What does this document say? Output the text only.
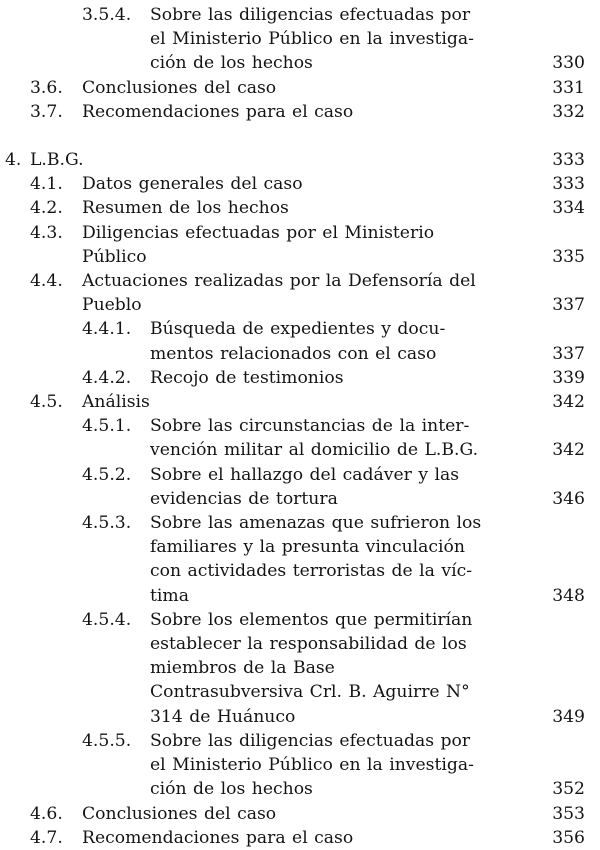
3.5.4. Sobre las diligencias efectuadas por
el Ministerio Público en la investiga-
ción de los hechos	330
3.6. Conclusiones del caso	331
3.7. Recomendaciones para el caso	332
4. L.B.G.	333
4.1. Datos generales del caso	333
4.2. Resumen de los hechos	334
4.3. Diligencias efectuadas por el Ministerio
Público	335
4.4. Actuaciones realizadas por la Defensoría del
Pueblo	337
4.4.1. Búsqueda de expedientes y docu-
mentos relacionados con el caso	337
4.4.2. Recojo de testimonios	339
4.5. Análisis	342
4.5.1. Sobre las circunstancias de la inter-
vención militar al domicilio de L.B.G.	342
4.5.2. Sobre el hallazgo del cadáver y las
evidencias de tortura	346
4.5.3. Sobre las amenazas que sufrieron los
familiares y la presunta vinculación
con actividades terroristas de la víc-
tima	348
4.5.4. Sobre los elementos que permitirían
establecer la responsabilidad de los
miembros de la Base
Contrasubversiva Crl. B. Aguirre N°
314 de Huánuco	349
4.5.5. Sobre las diligencias efectuadas por
el Ministerio Público en la investiga-
ción de los hechos	352
4.6. Conclusiones del caso	353
4.7. Recomendaciones para el caso	356
